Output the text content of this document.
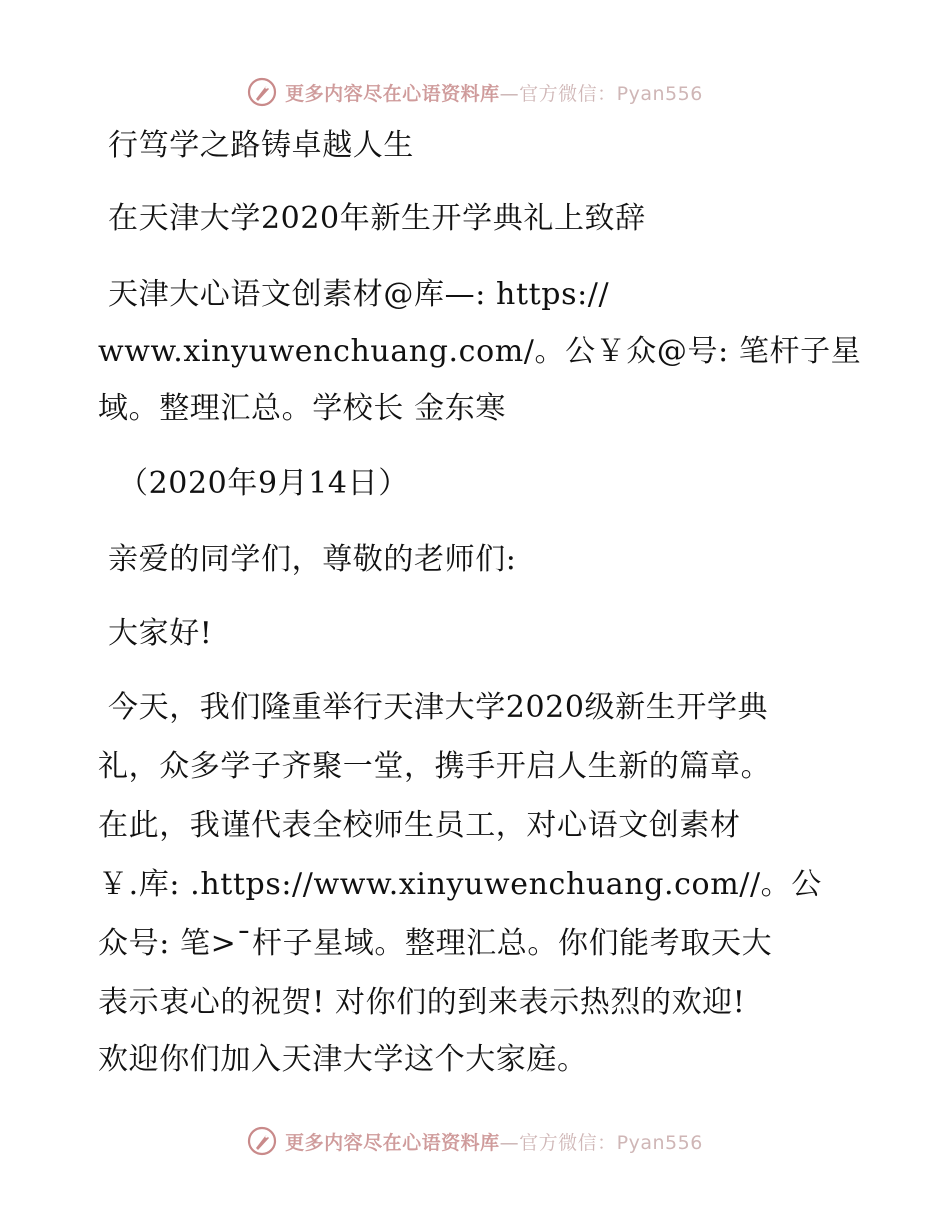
更多内容尽在心语资料库—官方微信：Pyan556
行笃学之路铸卓越人生
在天津大学2020年新生开学典礼上致辞
天津大心语文创素材@库—: https://
www.xinyuwenchuang.com/。公￥众@号: 笔杆子星
域。整理汇总。学校长 金东寒
（2020年9月14日）
亲爱的同学们，尊敬的老师们:
大家好!
今天，我们隆重举行天津大学2020级新生开学典
礼，众多学子齐聚一堂，携手开启人生新的篇章。
在此，我谨代表全校师生员工，对心语文创素材
￥.库: .https://www.xinyuwenchuang.com//。公
众号: 笔>¯杆子星域。整理汇总。你们能考取天大
表示衷心的祝贺! 对你们的到来表示热烈的欢迎!
欢迎你们加入天津大学这个大家庭。
更多内容尽在心语资料库—官方微信：Pyan556
